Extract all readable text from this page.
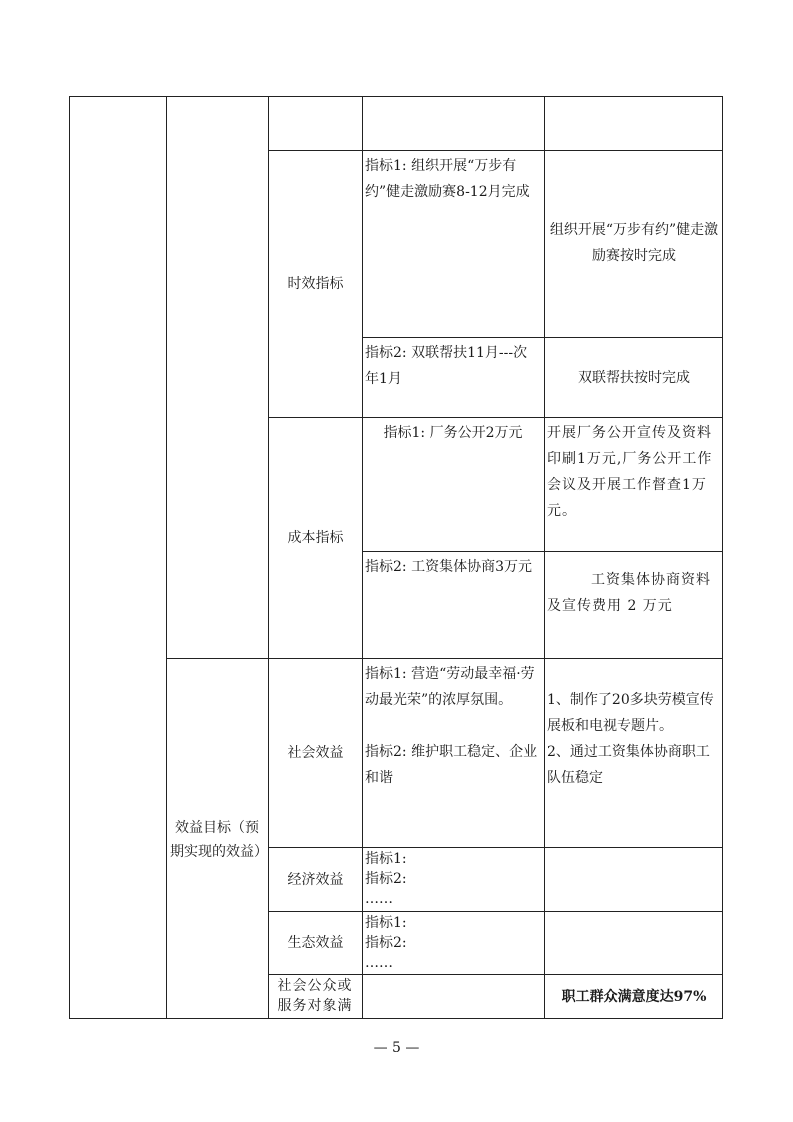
时效指标
指标1: 组织开展“万步有约”健走激励赛8-12月完成
组织开展“万步有约”健走激励赛按时完成
指标2: 双联帮扶11月---次年1月	双联帮扶按时完成
成本指标
指标1: 厂务公开2万元	开展厂务公开宣传及资料印刷1万元,厂务公开工作会议及开展工作督查1万元。
指标2: 工资集体协商3万元
工资集体协商资料及宣传费用 2 万元
效益目标（预期实现的效益）
社会效益
指标1: 营造“劳动最幸福·劳动最光荣”的浓厚氛围。
指标2: 维护职工稳定、企业和谐
1、制作了20多块劳模宣传展板和电视专题片。
2、通过工资集体协商职工队伍稳定
经济效益
指标1:
指标2:
……
生态效益
指标1:
指标2:
……
社会公众或服务对象满
职工群众满意度达97%
— 5 —
